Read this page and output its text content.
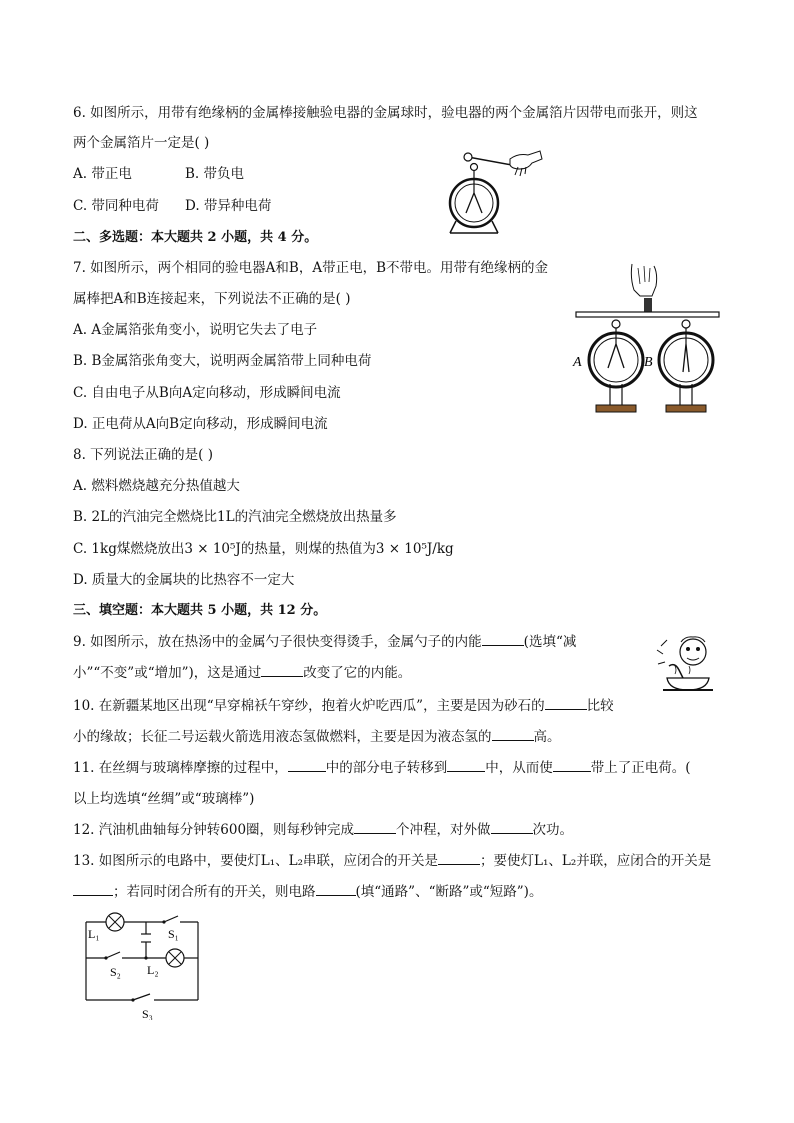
6. 如图所示，用带有绝缘柄的金属棒接触验电器的金属球时，验电器的两个金属箔片因带电而张开，则这
两个金属箔片一定是( )
A. 带正电	B. 带负电
C. 带同种电荷 D. 带异种电荷
二、多选题：本大题共 2 小题，共 4 分。
7. 如图所示，两个相同的验电器A和B，A带正电，B不带电。用带有绝缘柄的金
属棒把A和B连接起来，下列说法不正确的是( )
A. A金属箔张角变小，说明它失去了电子
B. B金属箔张角变大，说明两金属箔带上同种电荷
C. 自由电子从B向A定向移动，形成瞬间电流
D. 正电荷从A向B定向移动，形成瞬间电流
A	B
8. 下列说法正确的是( )
A. 燃料燃烧越充分热值越大
B. 2L的汽油完全燃烧比1L的汽油完全燃烧放出热量多
C. 1kg煤燃烧放出3 × 10⁵J的热量，则煤的热值为3 × 10⁵J/kg
D. 质量大的金属块的比热容不一定大
三、填空题：本大题共 5 小题，共 12 分。
9. 如图所示，放在热汤中的金属勺子很快变得烫手，金属勺子的内能	(选填“减
小”“不变”或“增加”)，这是通过	改变了它的内能。
10. 在新疆某地区出现“早穿棉袄午穿纱，抱着火炉吃西瓜”，主要是因为砂石的	比较
小的缘故；长征二号运载火箭选用液态氢做燃料，主要是因为液态氢的	高。
11. 在丝绸与玻璃棒摩擦的过程中，	中的部分电子转移到	中，从而使	带上了正电荷。(
以上均选填“丝绸”或“玻璃棒”)
12. 汽油机曲轴每分钟转600圈，则每秒钟完成	个冲程，对外做	次功。
13. 如图所示的电路中，要使灯L₁、L₂串联，应闭合的开关是	；要使灯L₁、L₂并联，应闭合的开关是
；若同时闭合所有的开关，则电路	(填“通路”、“断路”或“短路”)。
L₁	S₁
S₂ L₂
S₃
